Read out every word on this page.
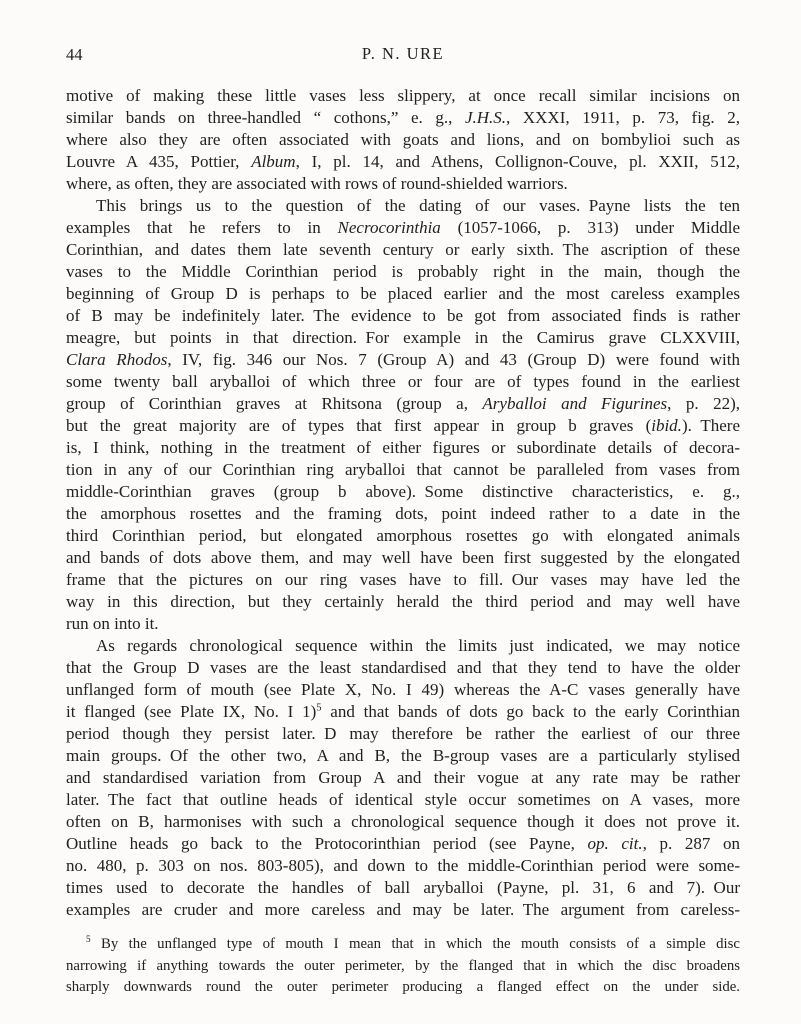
44	P. N. URE
motive of making these little vases less slippery, at once recall similar incisions on
similar bands on three-handled “ cothons,” e. g., J.H.S., XXXI, 1911, p. 73, fig. 2,
where also they are often associated with goats and lions, and on bombylioi such as
Louvre A 435, Pottier, Album, I, pl. 14, and Athens, Collignon-Couve, pl. XXII, 512,
where, as often, they are associated with rows of round-shielded warriors.
This brings us to the question of the dating of our vases. Payne lists the ten
examples that he refers to in Necrocorinthia (1057-1066, p. 313) under Middle
Corinthian, and dates them late seventh century or early sixth. The ascription of these
vases to the Middle Corinthian period is probably right in the main, though the
beginning of Group D is perhaps to be placed earlier and the most careless examples
of B may be indefinitely later. The evidence to be got from associated finds is rather
meagre, but points in that direction. For example in the Camirus grave CLXXVIII,
Clara Rhodos, IV, fig. 346 our Nos. 7 (Group A) and 43 (Group D) were found with
some twenty ball aryballoi of which three or four are of types found in the earliest
group of Corinthian graves at Rhitsona (group a, Aryballoi and Figurines, p. 22),
but the great majority are of types that first appear in group b graves (ibid.). There
is, I think, nothing in the treatment of either figures or subordinate details of decora-
tion in any of our Corinthian ring aryballoi that cannot be paralleled from vases from
middle-Corinthian graves (group b above). Some distinctive characteristics, e. g.,
the amorphous rosettes and the framing dots, point indeed rather to a date in the
third Corinthian period, but elongated amorphous rosettes go with elongated animals
and bands of dots above them, and may well have been first suggested by the elongated
frame that the pictures on our ring vases have to fill. Our vases may have led the
way in this direction, but they certainly herald the third period and may well have
run on into it.
As regards chronological sequence within the limits just indicated, we may notice
that the Group D vases are the least standardised and that they tend to have the older
unflanged form of mouth (see Plate X, No. I 49) whereas the A-C vases generally have
it flanged (see Plate IX, No. I 1)$^5$ and that bands of dots go back to the early Corinthian
period though they persist later. D may therefore be rather the earliest of our three
main groups. Of the other two, A and B, the B-group vases are a particularly stylised
and standardised variation from Group A and their vogue at any rate may be rather
later. The fact that outline heads of identical style occur sometimes on A vases, more
often on B, harmonises with such a chronological sequence though it does not prove it.
Outline heads go back to the Protocorinthian period (see Payne, op. cit., p. 287 on
no. 480, p. 303 on nos. 803-805), and down to the middle-Corinthian period were some-
times used to decorate the handles of ball aryballoi (Payne, pl. 31, 6 and 7). Our
examples are cruder and more careless and may be later. The argument from careless-
$^5$ By the unflanged type of mouth I mean that in which the mouth consists of a simple disc
narrowing if anything towards the outer perimeter, by the flanged that in which the disc broadens
sharply downwards round the outer perimeter producing a flanged effect on the under side.
